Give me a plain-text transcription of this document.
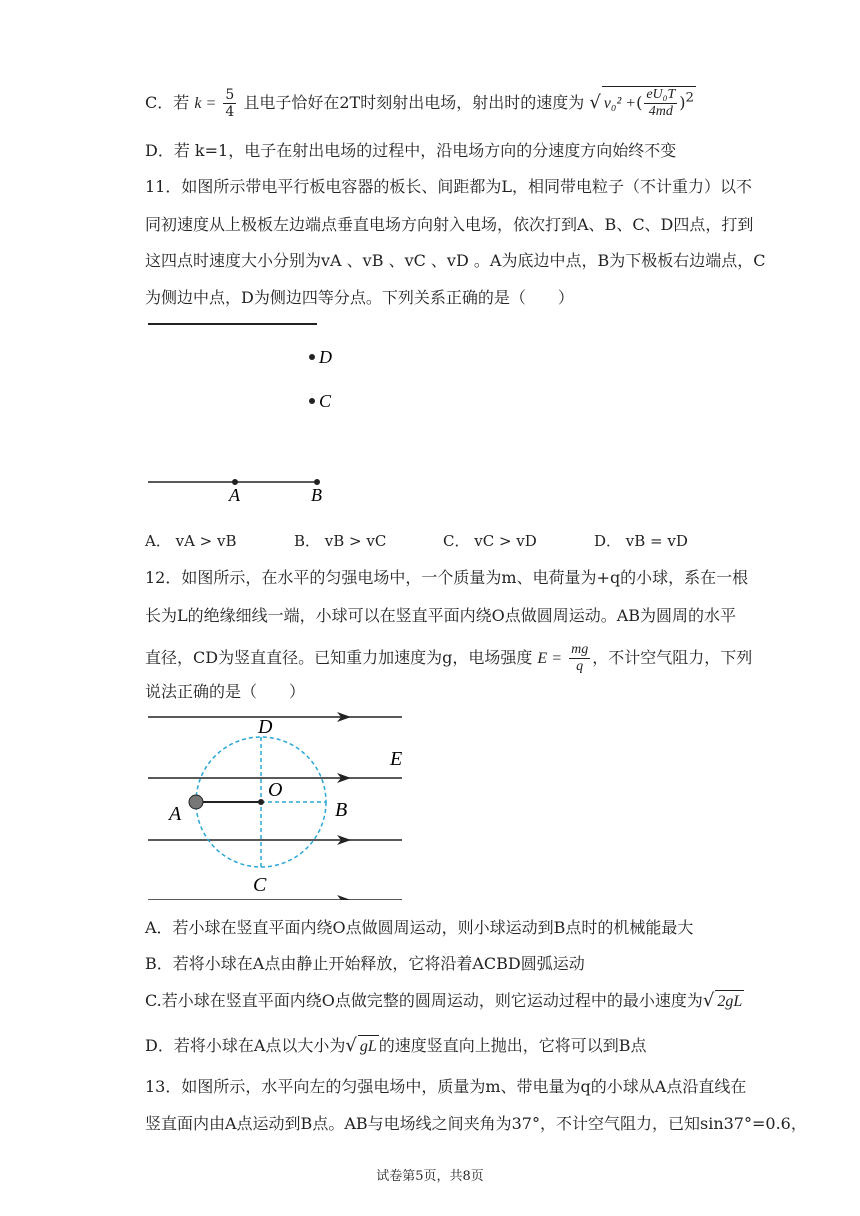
C．若 $k = \frac{5}{4}$ 且电子恰好在2T时刻射出电场，射出时的速度为 √ v₀² +( $\frac{\text{eU₀T}}{4md} )^2$
D．若 k=1，电子在射出电场的过程中，沿电场方向的分速度方向始终不变
11．如图所示带电平行板电容器的板长、间距都为L，相同带电粒子（不计重力）以不
同初速度从上极板左边端点垂直电场方向射入电场，依次打到A、B、C、D四点，打到
这四点时速度大小分别为vA 、vB 、vC 、vD 。A为底边中点，B为下极板右边端点，C
为侧边中点，D为侧边四等分点。下列关系正确的是（　　）
D
C
A	B
A． vA > vB	B． vB > vC	C． vC > vD	D． vB = vD
12．如图所示，在水平的匀强电场中，一个质量为m、电荷量为+q的小球，系在一根
长为L的绝缘细线一端，小球可以在竖直平面内绕O点做圆周运动。AB为圆周的水平
直径，CD为竖直直径。已知重力加速度为g，电场强度 $E = \frac{mg}{q}$ ，不计空气阻力，下列
说法正确的是（　　）
D
E
O
A	B
C
A．若小球在竖直平面内绕O点做圆周运动，则小球运动到B点时的机械能最大
B．若将小球在A点由静止开始释放，它将沿着ACBD圆弧运动
C.若小球在竖直平面内绕O点做完整的圆周运动，则它运动过程中的最小速度为√ 2gL
D．若将小球在A点以大小为√ gL 的速度竖直向上抛出，它将可以到B点
13．如图所示，水平向左的匀强电场中，质量为m、带电量为q的小球从A点沿直线在
竖直面内由A点运动到B点。AB与电场线之间夹角为37°，不计空气阻力，已知sin37°=0.6，
试卷第5页，共8页
